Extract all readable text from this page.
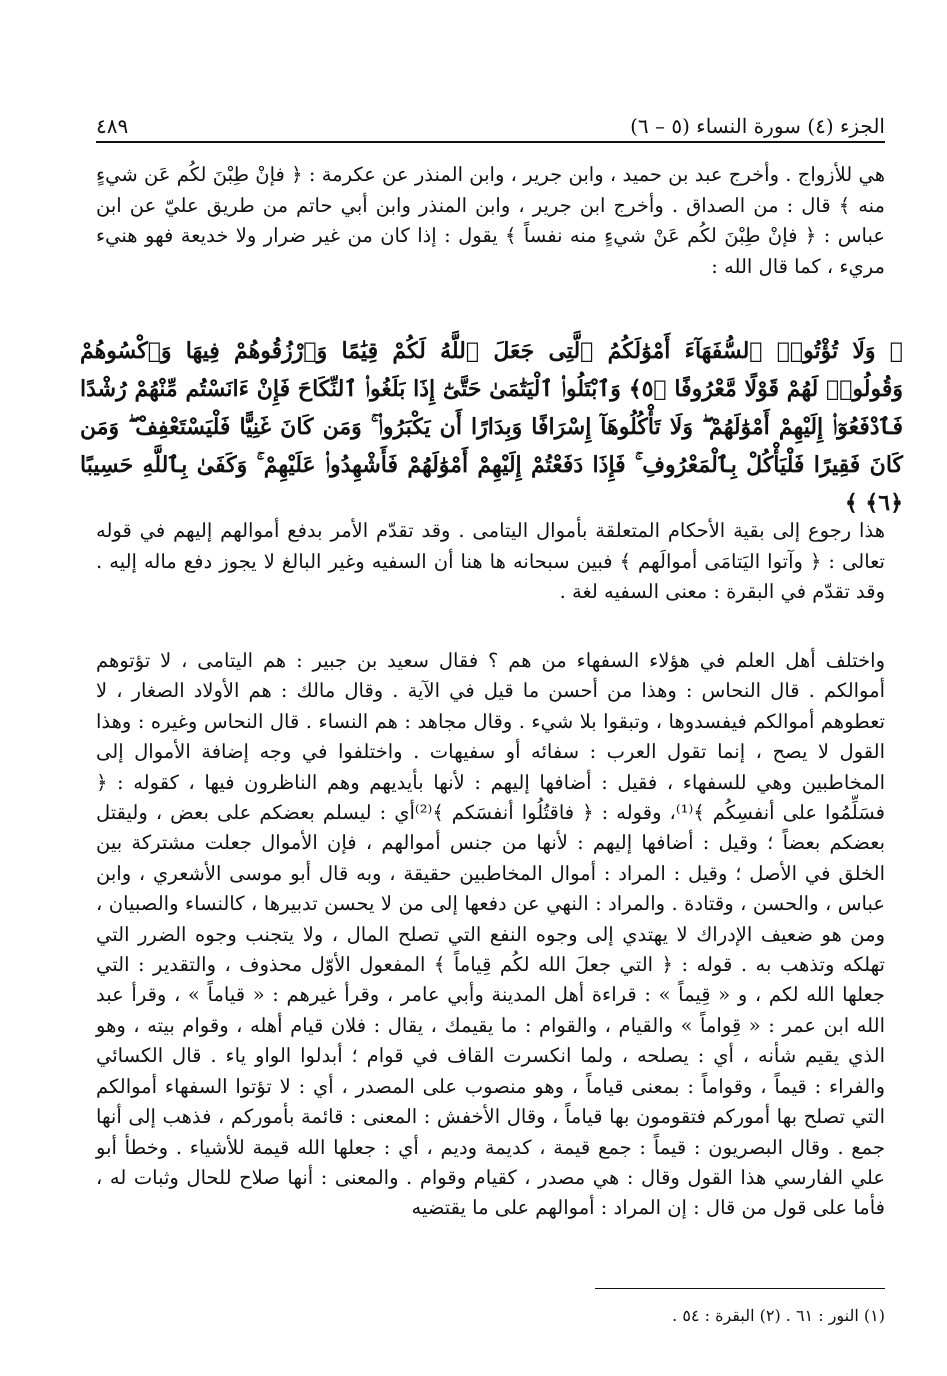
الجزء (٤) سورة النساء (٥ – ٦)
٤٨٩

هي للأزواج . وأخرج عبد بن حميد ، وابن جرير ، وابن المنذر عن عكرمة : ﴿ فإنْ طِبْنَ لكُم عَن شيءٍ منه ﴾ قال : من الصداق . وأخرج ابن جرير ، وابن المنذر وابن أبي حاتم من طريق عليّ عن ابن عباس : ﴿ فإنْ طِبْنَ لكُم عَنْ شيءٍ منه نفساً ﴾ يقول : إذا كان من غير ضرار ولا خديعة فهو هنيء مريء ، كما قال الله :

﴿ وَلَا تُؤْتُوا۟ ٱلسُّفَهَآءَ أَمْوَٰلَكُمُ ٱلَّتِى جَعَلَ ٱللَّهُ لَكُمْ قِيَٰمًا وَٱرْزُقُوهُمْ فِيهَا وَٱكْسُوهُمْ وَقُولُوا۟ لَهُمْ قَوْلًا مَّعْرُوفًا ﴿٥﴾ وَٱبْتَلُوا۟ ٱلْيَتَٰمَىٰ حَتَّىٰٓ إِذَا بَلَغُوا۟ ٱلنِّكَاحَ فَإِنْ ءَانَسْتُم مِّنْهُمْ رُشْدًا فَٱدْفَعُوٓا۟ إِلَيْهِمْ أَمْوَٰلَهُمْ ۖ وَلَا تَأْكُلُوهَآ إِسْرَافًا وَبِدَارًا أَن يَكْبَرُوا۟ ۚ وَمَن كَانَ غَنِيًّا فَلْيَسْتَعْفِفْ ۖ وَمَن كَانَ فَقِيرًا فَلْيَأْكُلْ بِٱلْمَعْرُوفِ ۚ فَإِذَا دَفَعْتُمْ إِلَيْهِمْ أَمْوَٰلَهُمْ فَأَشْهِدُوا۟ عَلَيْهِمْ ۚ وَكَفَىٰ بِٱللَّهِ حَسِيبًا ﴿٦﴾ ﴾

هذا رجوع إلى بقية الأحكام المتعلقة بأموال اليتامى . وقد تقدّم الأمر بدفع أموالهم إليهم في قوله تعالى : ﴿ وآتوا اليَتامَى أموالَهم ﴾ فبين سبحانه ها هنا أن السفيه وغير البالغ لا يجوز دفع ماله إليه . وقد تقدّم في البقرة : معنى السفيه لغة .

واختلف أهل العلم في هؤلاء السفهاء من هم ؟ فقال سعيد بن جبير : هم اليتامى ، لا تؤتوهم أموالكم . قال النحاس : وهذا من أحسن ما قيل في الآية . وقال مالك : هم الأولاد الصغار ، لا تعطوهم أموالكم فيفسدوها ، وتبقوا بلا شيء . وقال مجاهد : هم النساء . قال النحاس وغيره : وهذا القول لا يصح ، إنما تقول العرب : سفائه أو سفيهات . واختلفوا في وجه إضافة الأموال إلى المخاطبين وهي للسفهاء ، فقيل : أضافها إليهم : لأنها بأيديهم وهم الناظرون فيها ، كقوله : ﴿ فسَلِّمُوا على أنفسِكُم ﴾⁽¹⁾، وقوله : ﴿ فاقتُلُوا أنفسَكم ﴾⁽²⁾أي : ليسلم بعضكم على بعض ، وليقتل بعضكم بعضاً ؛ وقيل : أضافها إليهم : لأنها من جنس أموالهم ، فإن الأموال جعلت مشتركة بين الخلق في الأصل ؛ وقيل : المراد : أموال المخاطبين حقيقة ، وبه قال أبو موسى الأشعري ، وابن عباس ، والحسن ، وقتادة . والمراد : النهي عن دفعها إلى من لا يحسن تدبيرها ، كالنساء والصبيان ، ومن هو ضعيف الإدراك لا يهتدي إلى وجوه النفع التي تصلح المال ، ولا يتجنب وجوه الضرر التي تهلكه وتذهب به . قوله : ﴿ التي جعلَ الله لكُم قِياماً ﴾ المفعول الأوّل محذوف ، والتقدير : التي جعلها الله لكم ، و « قِيماً » : قراءة أهل المدينة وأبي عامر ، وقرأ غيرهم : « قياماً » ، وقرأ عبد الله ابن عمر : « قِواماً » والقيام ، والقوام : ما يقيمك ، يقال : فلان قيام أهله ، وقوام بيته ، وهو الذي يقيم شأنه ، أي : يصلحه ، ولما انكسرت القاف في قوام ؛ أبدلوا الواو ياء . قال الكسائي والفراء : قيماً ، وقواماً : بمعنى قياماً ، وهو منصوب على المصدر ، أي : لا تؤتوا السفهاء أموالكم التي تصلح بها أموركم فتقومون بها قياماً ، وقال الأخفش : المعنى : قائمة بأموركم ، فذهب إلى أنها جمع . وقال البصريون : قيماً : جمع قيمة ، كديمة وديم ، أي : جعلها الله قيمة للأشياء . وخطأ أبو علي الفارسي هذا القول وقال : هي مصدر ، كقيام وقوام . والمعنى : أنها صلاح للحال وثبات له ، فأما على قول من قال : إن المراد : أموالهم على ما يقتضيه

(١) النور : ٦١ . (٢) البقرة : ٥٤ .
